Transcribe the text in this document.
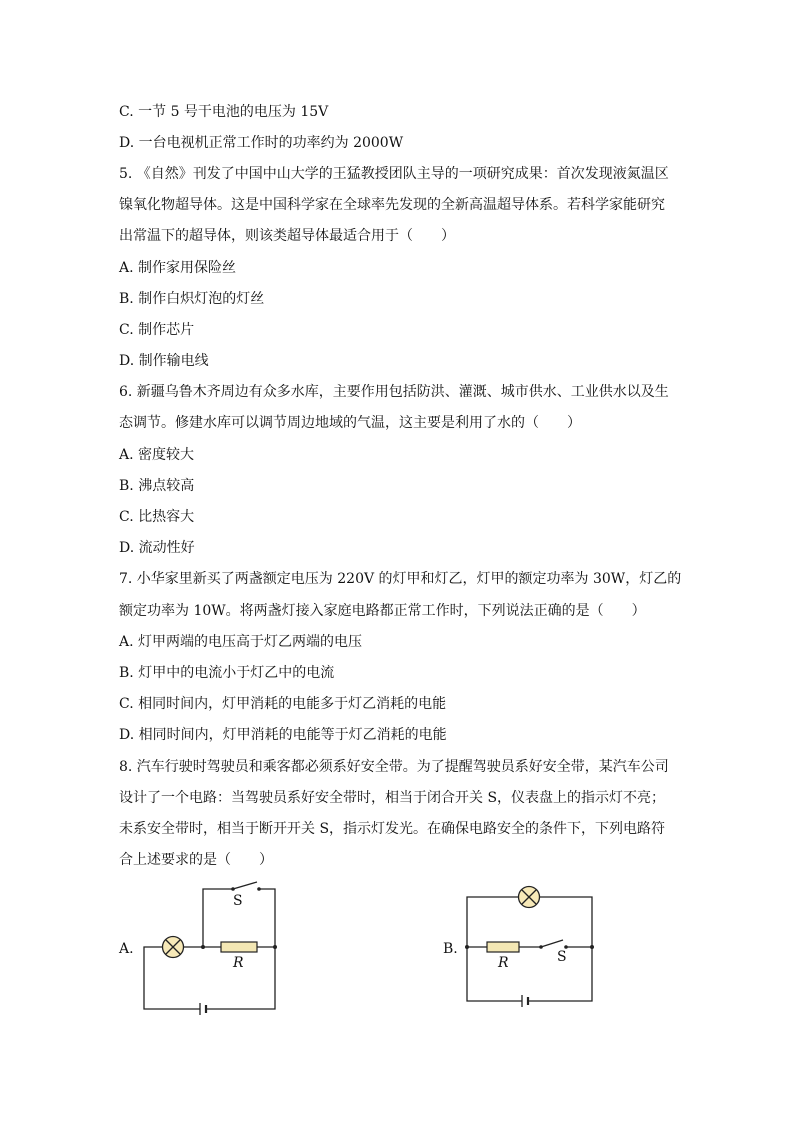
C. 一节 5 号干电池的电压为 15V
D. 一台电视机正常工作时的功率约为 2000W
5. 《自然》刊发了中国中山大学的王猛教授团队主导的一项研究成果：首次发现液氮温区
镍氧化物超导体。这是中国科学家在全球率先发现的全新高温超导体系。若科学家能研究
出常温下的超导体，则该类超导体最适合用于（　　）
A. 制作家用保险丝
B. 制作白炽灯泡的灯丝
C. 制作芯片
D. 制作输电线
6. 新疆乌鲁木齐周边有众多水库，主要作用包括防洪、灌溉、城市供水、工业供水以及生
态调节。修建水库可以调节周边地域的气温，这主要是利用了水的（　　）
A. 密度较大
B. 沸点较高
C. 比热容大
D. 流动性好
7. 小华家里新买了两盏额定电压为 220V 的灯甲和灯乙，灯甲的额定功率为 30W，灯乙的
额定功率为 10W。将两盏灯接入家庭电路都正常工作时，下列说法正确的是（　　）
A. 灯甲两端的电压高于灯乙两端的电压
B. 灯甲中的电流小于灯乙中的电流
C. 相同时间内，灯甲消耗的电能多于灯乙消耗的电能
D. 相同时间内，灯甲消耗的电能等于灯乙消耗的电能
8. 汽车行驶时驾驶员和乘客都必须系好安全带。为了提醒驾驶员系好安全带，某汽车公司
设计了一个电路：当驾驶员系好安全带时，相当于闭合开关 S，仪表盘上的指示灯不亮；
未系安全带时，相当于断开开关 S，指示灯发光。在确保电路安全的条件下，下列电路符
合上述要求的是（　　）
A.
S
R
B.
R	S
